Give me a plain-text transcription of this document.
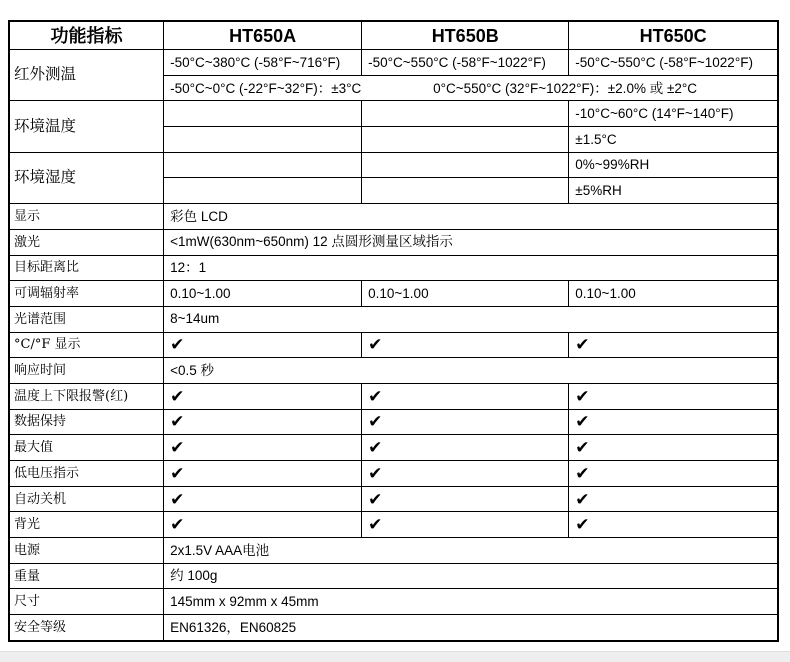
功能指标	HT650A	HT650B	HT650C
红外测温	-50°C~380°C (-58°F~716°F)	-50°C~550°C (-58°F~1022°F)	-50°C~550°C (-58°F~1022°F)

	-50°C~0°C (-22°F~32°F)：±3°C 0°C~550°C (32°F~1022°F)：±2.0% 或 ±2°C		

环境温度			-10°C~60°C (14°F~140°F)
			±1.5°C
环境湿度			0%~99%RH
			±5%RH
显示	彩色 LCD		
激光	<1mW(630nm~650nm) 12 点圆形测量区域指示		
目标距离比	12：1		
可调辐射率	0.10~1.00	0.10~1.00	0.10~1.00
光谱范围	8~14um		
°C/°F 显示	✔	✔	✔
响应时间	<0.5 秒		
温度上下限报警(红)	✔	✔	✔
数据保持	✔	✔	✔
最大值	✔	✔	✔
低电压指示	✔	✔	✔
自动关机	✔	✔	✔
背光	✔	✔	✔
电源	2x1.5V AAA电池		
重量	约 100g		
尺寸	145mm x 92mm x 45mm		
安全等级	EN61326，EN60825		
